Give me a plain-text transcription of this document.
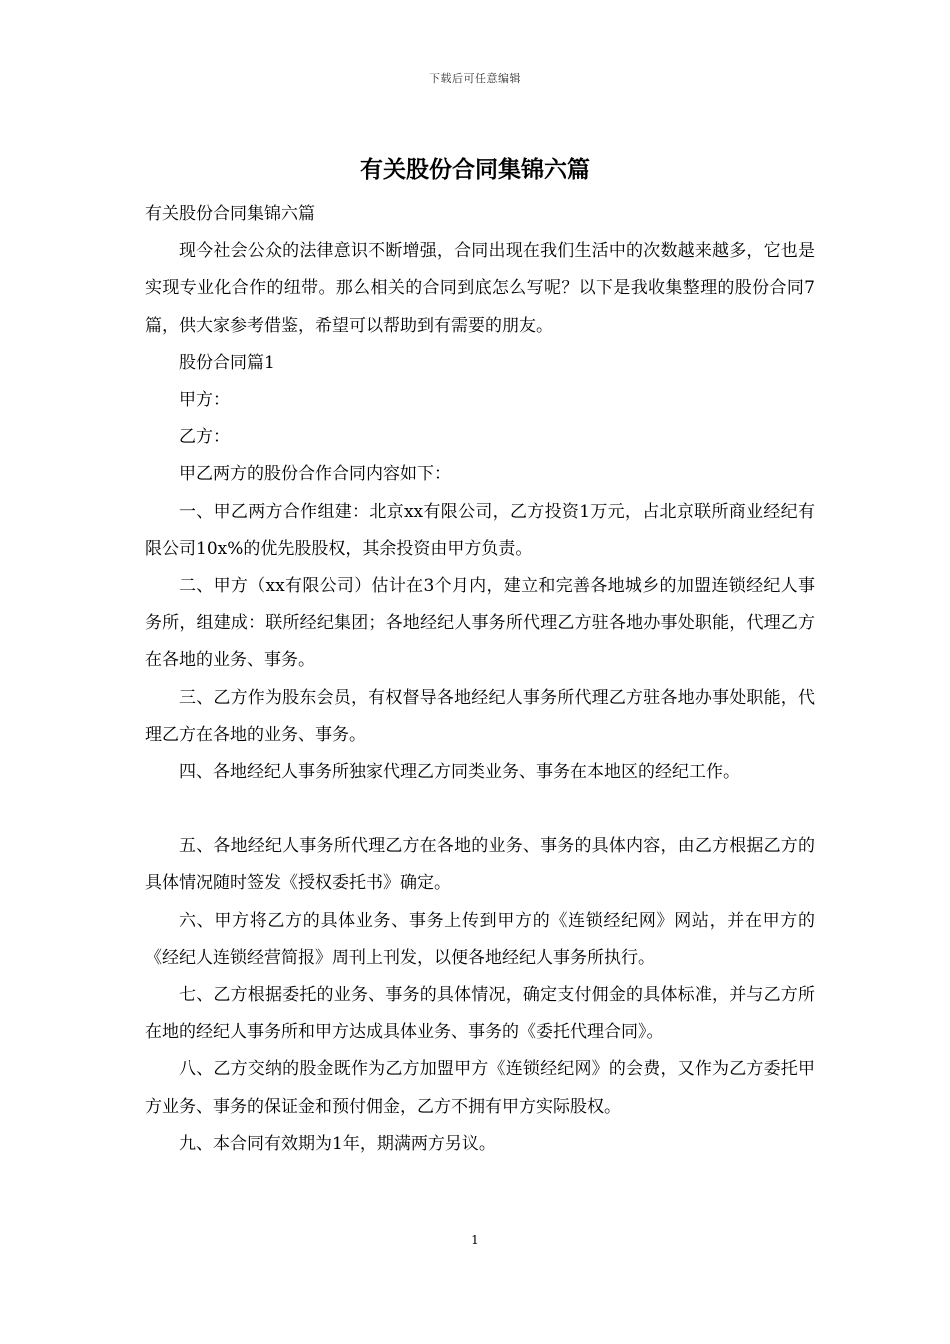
下载后可任意编辑
有关股份合同集锦六篇

有关股份合同集锦六篇

现今社会公众的法律意识不断增强，合同出现在我们生活中的次数越来越多，它也是实现专业化合作的纽带。那么相关的合同到底怎么写呢？以下是我收集整理的股份合同7篇，供大家参考借鉴，希望可以帮助到有需要的朋友。

股份合同篇1

甲方：

乙方：

甲乙两方的股份合作合同内容如下：

一、甲乙两方合作组建：北京xx有限公司，乙方投资1万元，占北京联所商业经纪有限公司10x%的优先股股权，其余投资由甲方负责。

二、甲方（xx有限公司）估计在3个月内，建立和完善各地城乡的加盟连锁经纪人事务所，组建成：联所经纪集团；各地经纪人事务所代理乙方驻各地办事处职能，代理乙方在各地的业务、事务。

三、乙方作为股东会员，有权督导各地经纪人事务所代理乙方驻各地办事处职能，代理乙方在各地的业务、事务。

四、各地经纪人事务所独家代理乙方同类业务、事务在本地区的经纪工作。

五、各地经纪人事务所代理乙方在各地的业务、事务的具体内容，由乙方根据乙方的具体情况随时签发《授权委托书》确定。

六、甲方将乙方的具体业务、事务上传到甲方的《连锁经纪网》网站，并在甲方的《经纪人连锁经营简报》周刊上刊发，以便各地经纪人事务所执行。

七、乙方根据委托的业务、事务的具体情况，确定支付佣金的具体标准，并与乙方所在地的经纪人事务所和甲方达成具体业务、事务的《委托代理合同》。

八、乙方交纳的股金既作为乙方加盟甲方《连锁经纪网》的会费，又作为乙方委托甲方业务、事务的保证金和预付佣金，乙方不拥有甲方实际股权。

九、本合同有效期为1年，期满两方另议。

1
